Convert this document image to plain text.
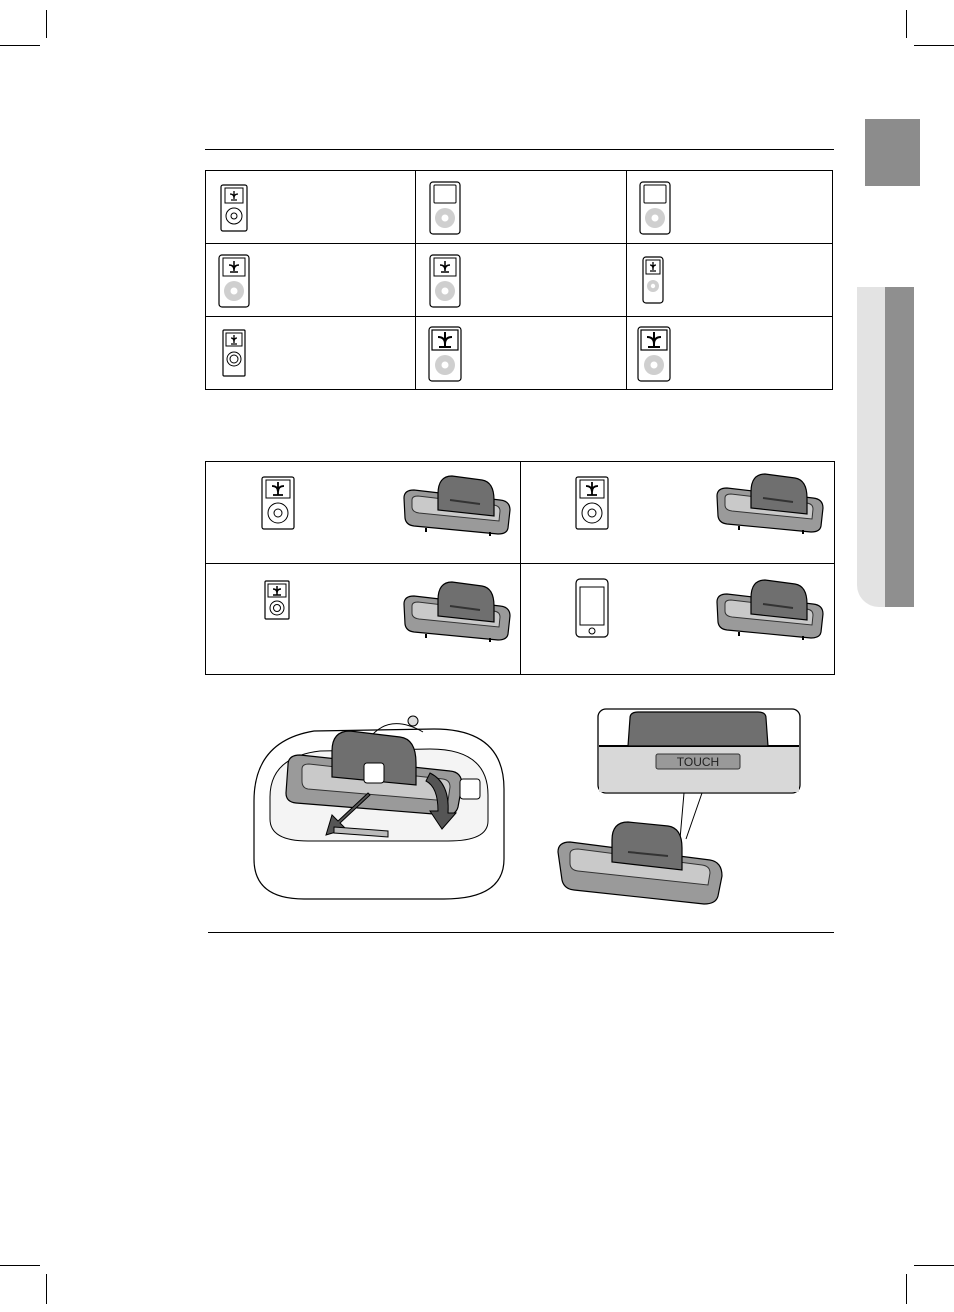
TOUCH
